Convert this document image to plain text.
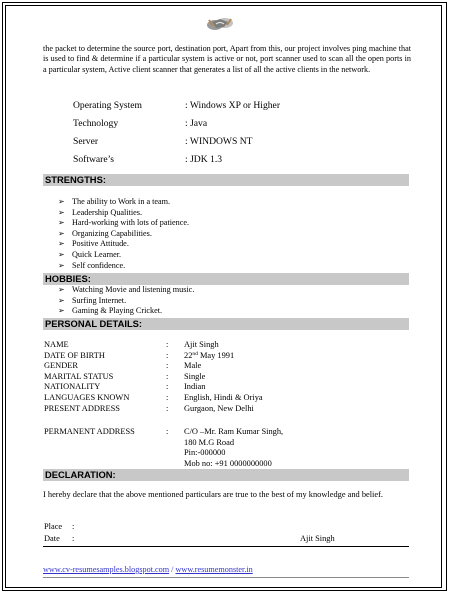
the packet to determine the source port, destination port, Apart from this, our project involves ping machine that is used to find & determine if a particular system is active or not, port scanner used to scan all the open ports in a particular system, Active client scanner that generates a list of all the active clients in the network.

Operating System	: Windows XP or Higher
Technology	: Java
Server	: WINDOWS NT
Software’s	: JDK 1.3
STRENGTHS:
➢ The ability to Work in a team.
➢ Leadership Qualities.
➢ Hard-working with lots of patience.
➢ Organizing Capabilities.
➢ Positive Attitude.
➢ Quick Learner.
➢ Self confidence.
HOBBIES:
➢ Watching Movie and listening music.
➢ Surfing Internet.
➢ Gaming & Playing Cricket.
PERSONAL DETAILS:
NAME	: Ajit Singh
DATE OF BIRTH	: 22nd May 1991
GENDER	: Male
MARITAL STATUS	: Single
NATIONALITY	: Indian
LANGUAGES KNOWN	: English, Hindi & Oriya
PRESENT ADDRESS	: Gurgaon, New Delhi
PERMANENT ADDRESS	: C/O –Mr. Ram Kumar Singh,
180 M.G Road
Pin:-000000
Mob no: +91 0000000000
DECLARATION:

I hereby declare that the above mentioned particulars are true to the best of my knowledge and belief.

Place :
Date :	Ajit Singh
www.cv-resumesamples.blogspot.com / www.resumemonster.in
